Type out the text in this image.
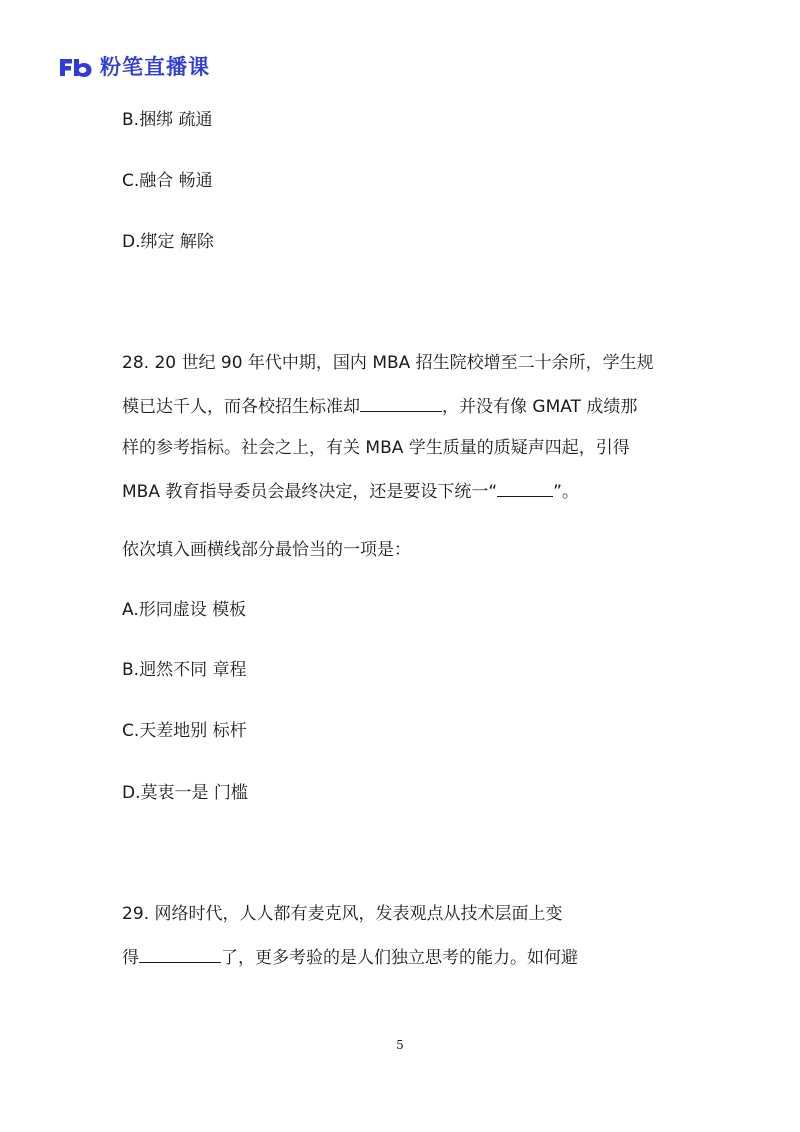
粉笔直播课
B.捆绑 疏通
C.融合 畅通
D.绑定 解除
28. 20 世纪 90 年代中期，国内 MBA 招生院校增至二十余所，学生规
模已达千人，而各校招生标准却	，并没有像 GMAT 成绩那
样的参考指标。社会之上，有关 MBA 学生质量的质疑声四起，引得
MBA 教育指导委员会最终决定，还是要设下统一“	”。
依次填入画横线部分最恰当的一项是：
A.形同虚设 模板
B.迥然不同 章程
C.天差地别 标杆
D.莫衷一是 门槛
29. 网络时代，人人都有麦克风，发表观点从技术层面上变
得	了，更多考验的是人们独立思考的能力。如何避
5
